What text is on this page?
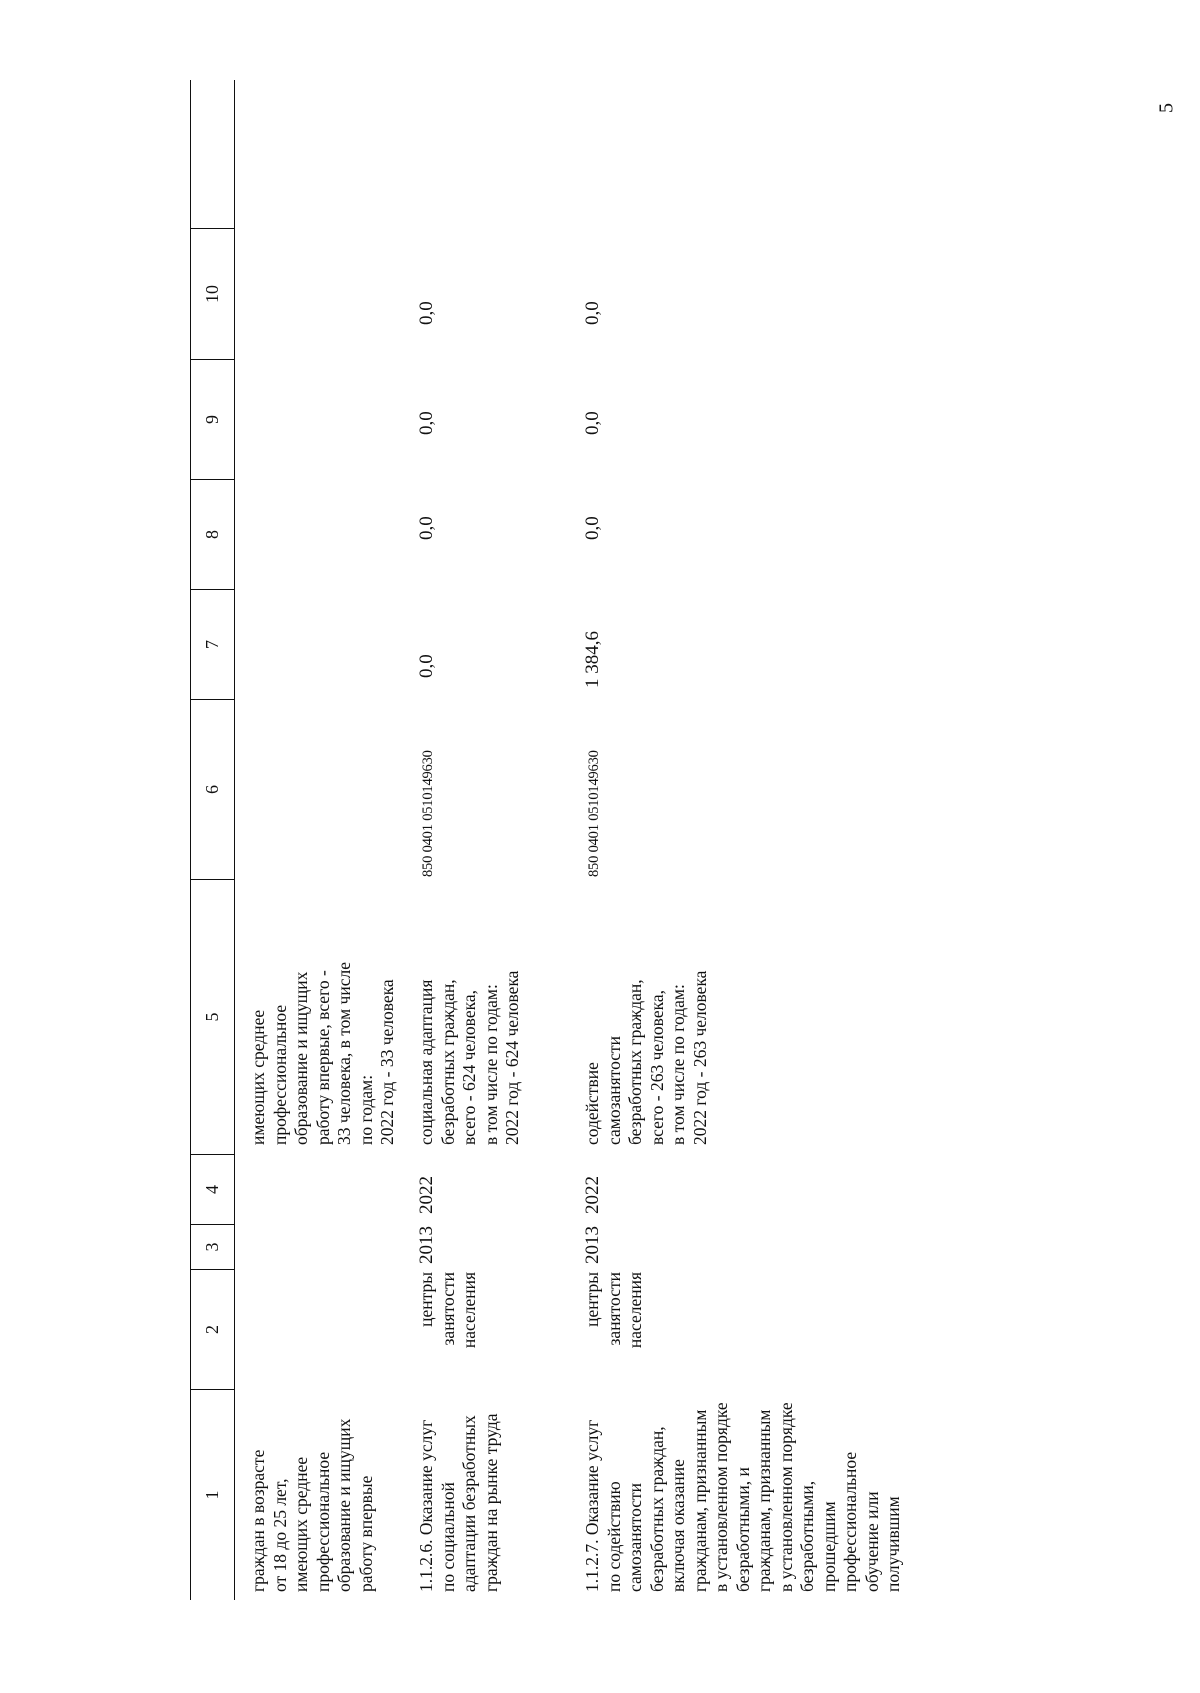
5
1
2
3
4
5
6
7
8
9
10
граждан в возрасте от 18 до 25 лет, имеющих среднее профессиональное образование и ищущих работу впервые
имеющих среднее профессиональное образование и ищущих работу впервые, всего - 33 человека, в том числе по годам: 2022 год - 33 человека
1.1.2.6. Оказание услуг по социальной адаптации безработных граждан на рынке труда
центры занятости населения
2013
2022
социальная адаптация безработных граждан, всего - 624 человека, в том числе по годам: 2022 год - 624 человека
850 0401 0510149630
0,0
0,0
0,0
0,0
1.1.2.7. Оказание услуг по содействию самозанятости безработных граждан, включая оказание гражданам, признанным в установленном порядке безработными, и гражданам, признанным в установленном порядке безработными, прошедшим профессиональное обучение или получившим
центры занятости населения
2013
2022
содействие самозанятости безработных граждан, всего - 263 человека, в том числе по годам: 2022 год - 263 человека
850 0401 0510149630
1 384,6
0,0
0,0
0,0
